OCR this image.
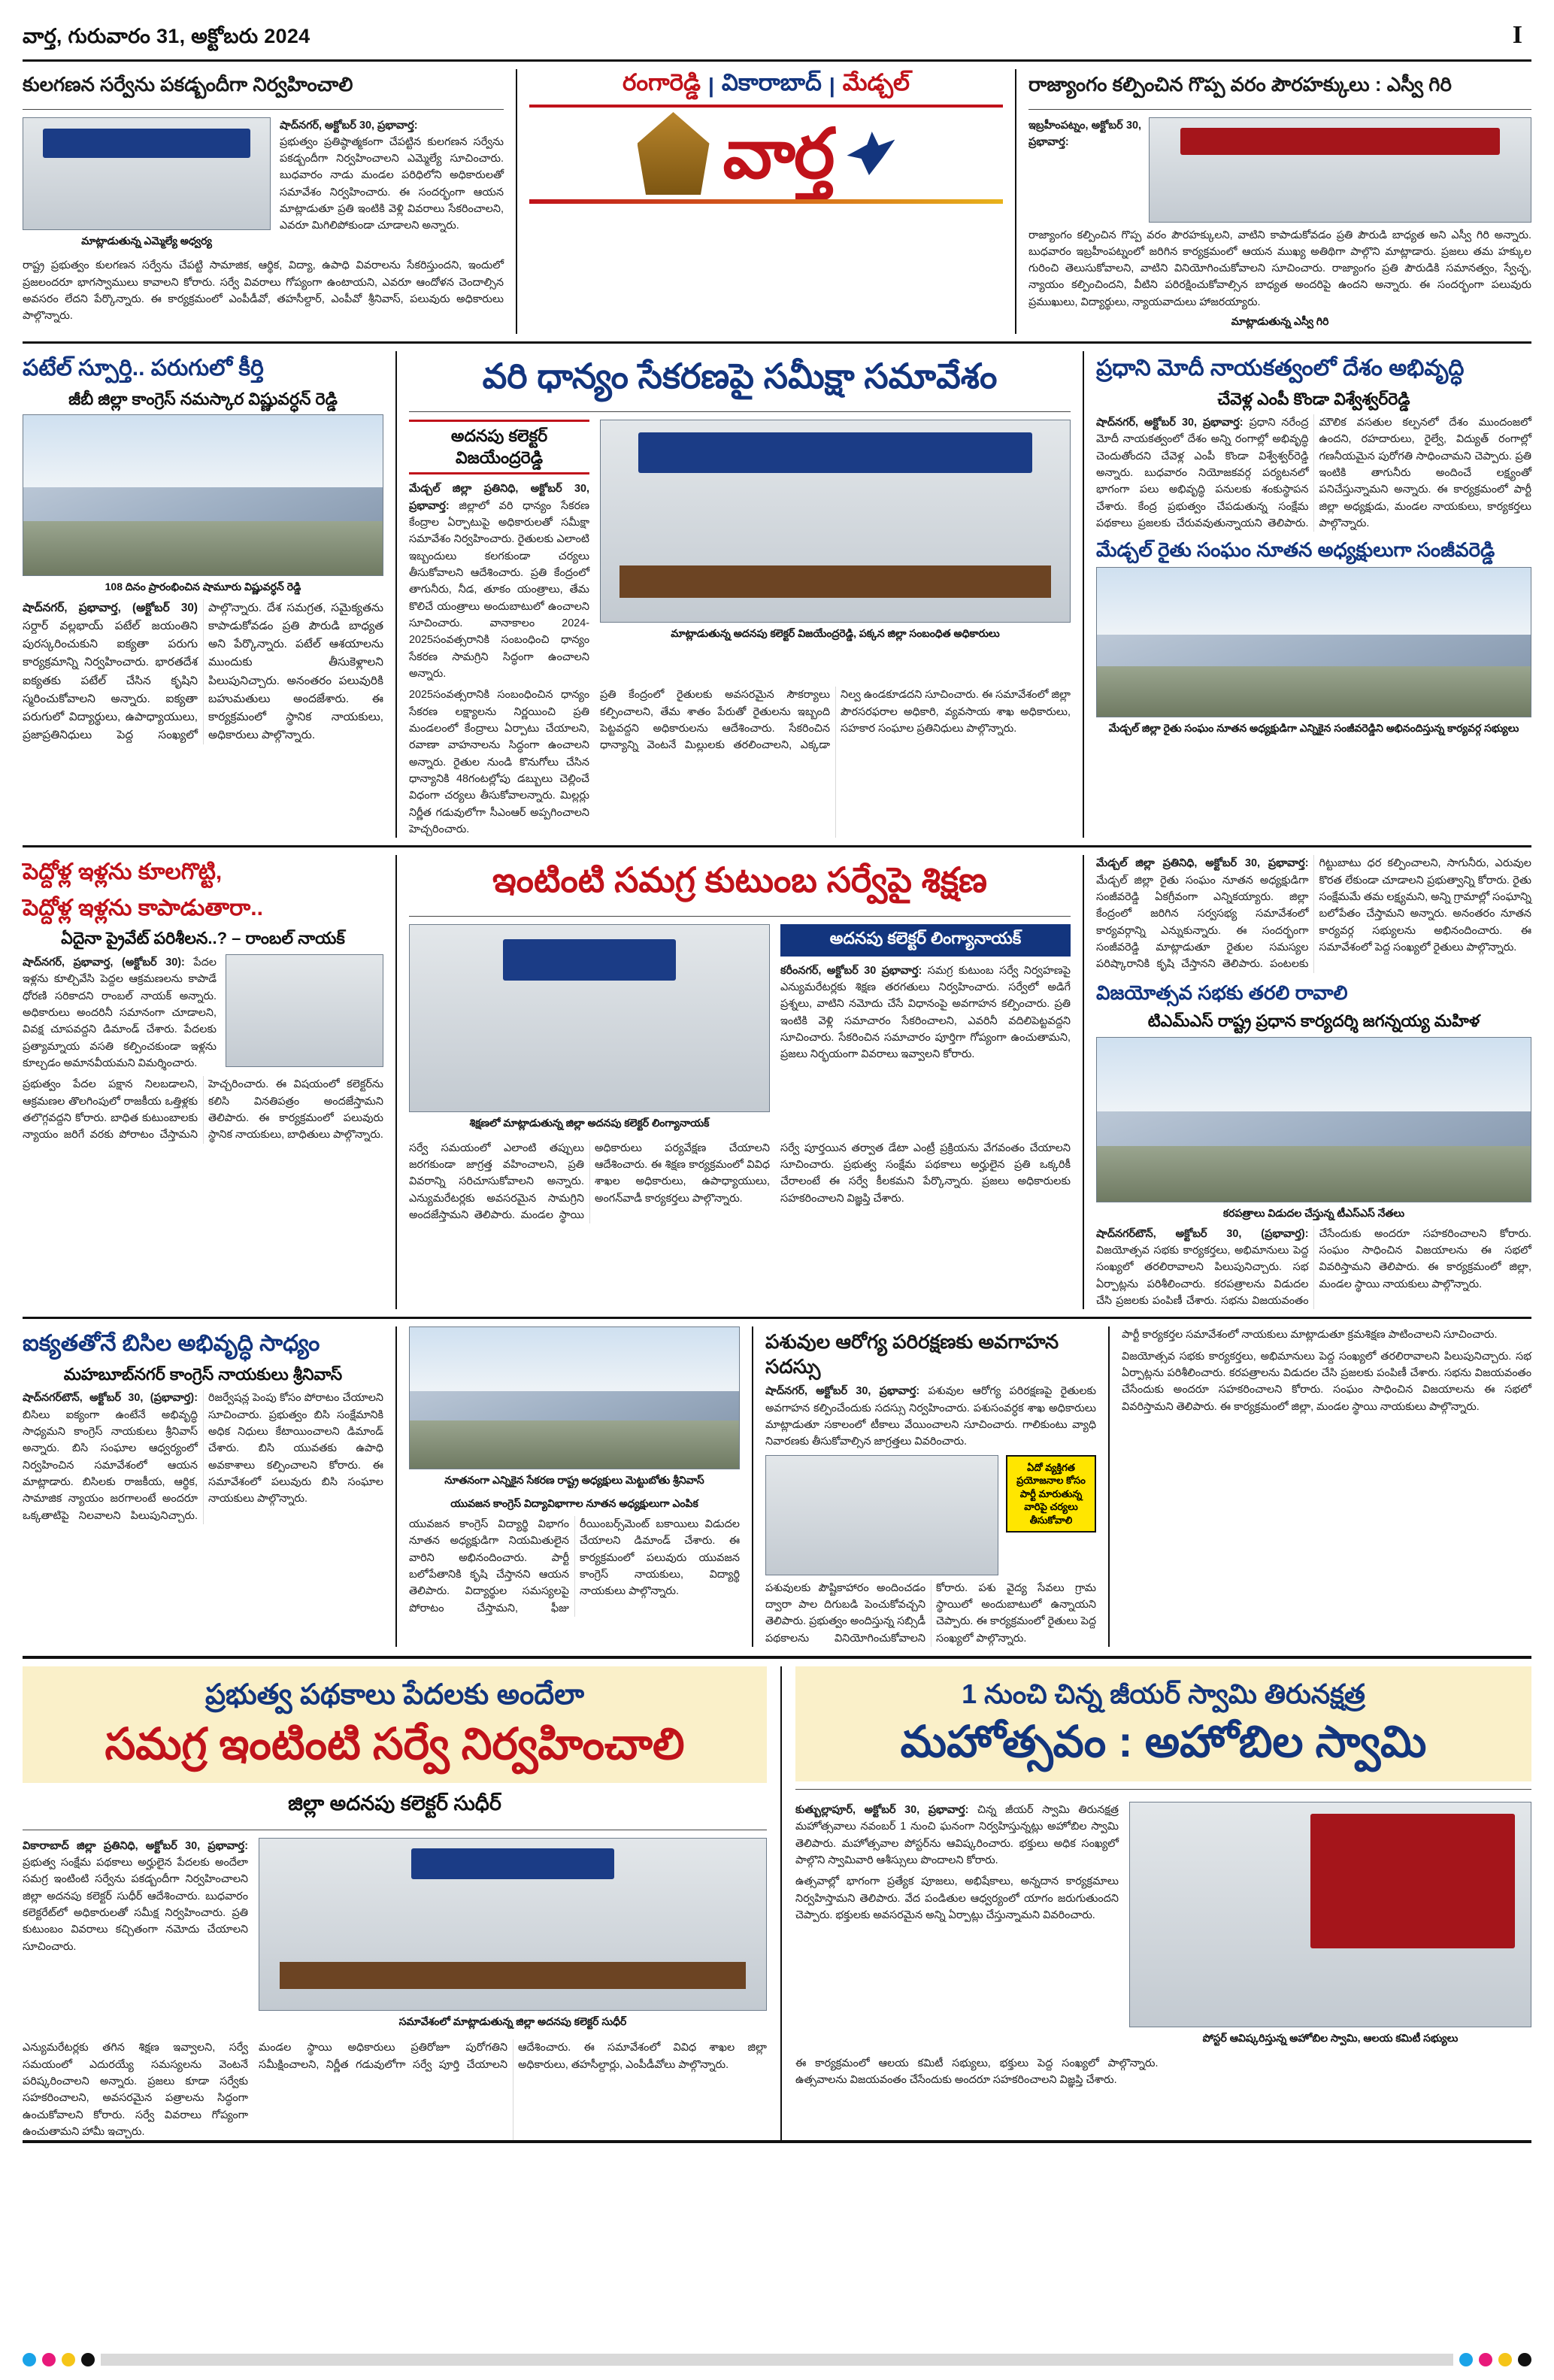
వార్త, గురువారం 31, అక్టోబరు 2024	I
కులగణన సర్వేను పకడ్బందీగా నిర్వహించాలి
మాట్లాడుతున్న ఎమ్మెల్యే అధ్వర్య
షాద్‌నగర్, అక్టోబర్ 30, ప్రభావార్త:
ప్రభుత్వం ప్రతిష్ఠాత్మకంగా చేపట్టిన కులగణన సర్వేను పకడ్బందీగా నిర్వహించాలని ఎమ్మెల్యే సూచించారు. బుధవారం నాడు మండల పరిధిలోని అధికారులతో సమావేశం నిర్వహించారు. ఈ సందర్భంగా ఆయన మాట్లాడుతూ ప్రతి ఇంటికి వెళ్లి వివరాలు సేకరించాలని, ఎవరూ మిగిలిపోకుండా చూడాలని అన్నారు.
రాష్ట్ర ప్రభుత్వం కులగణన సర్వేను చేపట్టి సామాజిక, ఆర్థిక, విద్యా, ఉపాధి వివరాలను సేకరిస్తుందని, ఇందులో ప్రజలందరూ భాగస్వాములు కావాలని కోరారు. సర్వే వివరాలు గోప్యంగా ఉంటాయని, ఎవరూ ఆందోళన చెందాల్సిన అవసరం లేదని పేర్కొన్నారు. ఈ కార్యక్రమంలో ఎంపీడీవో, తహసీల్దార్, ఎంపీవో శ్రీనివాస్, పలువురు అధికారులు పాల్గొన్నారు.
రంగారెడ్డి | వికారాబాద్ | మేడ్చల్
వార్త
రాజ్యాంగం కల్పించిన గొప్ప వరం పౌరహక్కులు : ఎస్వీ గిరి
ఇబ్రహీంపట్నం, అక్టోబర్ 30, ప్రభావార్త:
రాజ్యాంగం కల్పించిన గొప్ప వరం పౌరహక్కులని, వాటిని కాపాడుకోవడం ప్రతి పౌరుడి బాధ్యత అని ఎస్వీ గిరి అన్నారు. బుధవారం ఇబ్రహీంపట్నంలో జరిగిన కార్యక్రమంలో ఆయన ముఖ్య అతిథిగా పాల్గొని మాట్లాడారు. ప్రజలు తమ హక్కుల గురించి తెలుసుకోవాలని, వాటిని వినియోగించుకోవాలని సూచించారు. రాజ్యాంగం ప్రతి పౌరుడికి సమానత్వం, స్వేచ్ఛ, న్యాయం కల్పించిందని, వీటిని పరిరక్షించుకోవాల్సిన బాధ్యత అందరిపై ఉందని అన్నారు. ఈ సందర్భంగా పలువురు ప్రముఖులు, విద్యార్థులు, న్యాయవాదులు హాజరయ్యారు.
మాట్లాడుతున్న ఎస్వీ గిరి
పటేల్ స్పూర్తి.. పరుగులో కీర్తి
జీబీ జిల్లా కాంగ్రెస్ నమస్కార విష్ణువర్ధన్ రెడ్డి
108 దినం ప్రారంభించిన షామూరు విష్ణువర్ధన్ రెడ్డి
షాద్‌నగర్, ప్రభావార్త, (అక్టోబర్ 30) సర్దార్ వల్లభాయ్ పటేల్ జయంతిని పురస్కరించుకుని ఐక్యతా పరుగు కార్యక్రమాన్ని నిర్వహించారు. భారతదేశ ఐక్యతకు పటేల్ చేసిన కృషిని స్మరించుకోవాలని అన్నారు. ఐక్యతా పరుగులో విద్యార్థులు, ఉపాధ్యాయులు, ప్రజాప్రతినిధులు పెద్ద సంఖ్యలో పాల్గొన్నారు. దేశ సమగ్రత, సమైక్యతను కాపాడుకోవడం ప్రతి పౌరుడి బాధ్యత అని పేర్కొన్నారు. పటేల్ ఆశయాలను ముందుకు తీసుకెళ్లాలని పిలుపునిచ్చారు. అనంతరం పలువురికి బహుమతులు అందజేశారు. ఈ కార్యక్రమంలో స్థానిక నాయకులు, అధికారులు పాల్గొన్నారు.
వరి ధాన్యం సేకరణపై సమీక్షా సమావేశం
అదనపు కలెక్టర్ విజయేంద్రరెడ్డి
మేడ్చల్ జిల్లా ప్రతినిధి, అక్టోబర్ 30, ప్రభావార్త: జిల్లాలో వరి ధాన్యం సేకరణ కేంద్రాల ఏర్పాటుపై అధికారులతో సమీక్షా సమావేశం నిర్వహించారు. రైతులకు ఎలాంటి ఇబ్బందులు కలగకుండా చర్యలు తీసుకోవాలని ఆదేశించారు. ప్రతి కేంద్రంలో తాగునీరు, నీడ, తూకం యంత్రాలు, తేమ కొలిచే యంత్రాలు అందుబాటులో ఉంచాలని సూచించారు. వానాకాలం 2024-2025సంవత్సరానికి సంబంధించి ధాన్యం సేకరణ సామగ్రిని సిద్ధంగా ఉంచాలని అన్నారు.
మాట్లాడుతున్న అదనపు కలెక్టర్ విజయేంద్రరెడ్డి, పక్కన జిల్లా సంబంధిత అధికారులు
2025సంవత్సరానికి సంబంధించిన ధాన్యం సేకరణ లక్ష్యాలను నిర్ణయించి ప్రతి మండలంలో కేంద్రాలు ఏర్పాటు చేయాలని, రవాణా వాహనాలను సిద్ధంగా ఉంచాలని అన్నారు. రైతుల నుండి కొనుగోలు చేసిన ధాన్యానికి 48గంటల్లోపు డబ్బులు చెల్లించే విధంగా చర్యలు తీసుకోవాలన్నారు. మిల్లర్లు నిర్ణీత గడువులోగా సీఎంఆర్ అప్పగించాలని హెచ్చరించారు.
ప్రతి కేంద్రంలో రైతులకు అవసరమైన సౌకర్యాలు కల్పించాలని, తేమ శాతం పేరుతో రైతులను ఇబ్బంది పెట్టవద్దని అధికారులను ఆదేశించారు. సేకరించిన ధాన్యాన్ని వెంటనే మిల్లులకు తరలించాలని, ఎక్కడా నిల్వ ఉండకూడదని సూచించారు. ఈ సమావేశంలో జిల్లా పౌరసరఫరాల అధికారి, వ్యవసాయ శాఖ అధికారులు, సహకార సంఘాల ప్రతినిధులు పాల్గొన్నారు.
ప్రధాని మోదీ నాయకత్వంలో దేశం అభివృద్ధి
చేవెళ్ల ఎంపీ కొండా విశ్వేశ్వర్‌రెడ్డి
షాద్‌నగర్, అక్టోబర్ 30, ప్రభావార్త: ప్రధాని నరేంద్ర మోదీ నాయకత్వంలో దేశం అన్ని రంగాల్లో అభివృద్ధి చెందుతోందని చేవెళ్ల ఎంపీ కొండా విశ్వేశ్వర్‌రెడ్డి అన్నారు. బుధవారం నియోజకవర్గ పర్యటనలో భాగంగా పలు అభివృద్ధి పనులకు శంకుస్థాపన చేశారు. కేంద్ర ప్రభుత్వం చేపడుతున్న సంక్షేమ పథకాలు ప్రజలకు చేరువవుతున్నాయని తెలిపారు. మౌలిక వసతుల కల్పనలో దేశం ముందంజలో ఉందని, రహదారులు, రైల్వే, విద్యుత్ రంగాల్లో గణనీయమైన పురోగతి సాధించామని చెప్పారు. ప్రతి ఇంటికి తాగునీరు అందించే లక్ష్యంతో పనిచేస్తున్నామని అన్నారు. ఈ కార్యక్రమంలో పార్టీ జిల్లా అధ్యక్షుడు, మండల నాయకులు, కార్యకర్తలు పాల్గొన్నారు.
మేడ్చల్ రైతు సంఘం నూతన అధ్యక్షులుగా సంజీవరెడ్డి
మేడ్చల్ జిల్లా రైతు సంఘం నూతన అధ్యక్షుడిగా ఎన్నికైన సంజీవరెడ్డిని అభినందిస్తున్న కార్యవర్గ సభ్యులు
పెద్దోళ్ల ఇళ్లను కూలగొట్టి,
పెద్దోళ్ల ఇళ్లను కాపాడుతారా..
ఏదైనా ప్రైవేట్ పరిశీలన..? – రాంబల్ నాయక్
షాద్‌నగర్, ప్రభావార్త, (అక్టోబర్ 30): పేదల ఇళ్లను కూల్చివేసి పెద్దల ఆక్రమణలను కాపాడే ధోరణి సరికాదని రాంబల్ నాయక్ అన్నారు. అధికారులు అందరినీ సమానంగా చూడాలని, వివక్ష చూపవద్దని డిమాండ్ చేశారు. పేదలకు ప్రత్యామ్నాయ వసతి కల్పించకుండా ఇళ్లను కూల్చడం అమానవీయమని విమర్శించారు.
ప్రభుత్వం పేదల పక్షాన నిలబడాలని, ఆక్రమణల తొలగింపులో రాజకీయ ఒత్తిళ్లకు తలొగ్గవద్దని కోరారు. బాధిత కుటుంబాలకు న్యాయం జరిగే వరకు పోరాటం చేస్తామని హెచ్చరించారు. ఈ విషయంలో కలెక్టర్‌ను కలిసి వినతిపత్రం అందజేస్తామని తెలిపారు. ఈ కార్యక్రమంలో పలువురు స్థానిక నాయకులు, బాధితులు పాల్గొన్నారు.
ఇంటింటి సమగ్ర కుటుంబ సర్వేపై శిక్షణ
శిక్షణలో మాట్లాడుతున్న జిల్లా అదనపు కలెక్టర్ లింగ్యానాయక్
అదనపు కలెక్టర్ లింగ్యానాయక్
కరీంనగర్, అక్టోబర్ 30 ప్రభావార్త: సమగ్ర కుటుంబ సర్వే నిర్వహణపై ఎన్యుమరేటర్లకు శిక్షణ తరగతులు నిర్వహించారు. సర్వేలో అడిగే ప్రశ్నలు, వాటిని నమోదు చేసే విధానంపై అవగాహన కల్పించారు. ప్రతి ఇంటికి వెళ్లి సమాచారం సేకరించాలని, ఎవరినీ వదిలిపెట్టవద్దని సూచించారు. సేకరించిన సమాచారం పూర్తిగా గోప్యంగా ఉంచుతామని, ప్రజలు నిర్భయంగా వివరాలు ఇవ్వాలని కోరారు.
సర్వే సమయంలో ఎలాంటి తప్పులు జరగకుండా జాగ్రత్త వహించాలని, ప్రతి వివరాన్ని సరిచూసుకోవాలని అన్నారు. ఎన్యుమరేటర్లకు అవసరమైన సామగ్రిని అందజేస్తామని తెలిపారు. మండల స్థాయి అధికారులు పర్యవేక్షణ చేయాలని ఆదేశించారు. ఈ శిక్షణ కార్యక్రమంలో వివిధ శాఖల అధికారులు, ఉపాధ్యాయులు, అంగన్‌వాడీ కార్యకర్తలు పాల్గొన్నారు.
సర్వే పూర్తయిన తర్వాత డేటా ఎంట్రీ ప్రక్రియను వేగవంతం చేయాలని సూచించారు. ప్రభుత్వ సంక్షేమ పథకాలు అర్హులైన ప్రతి ఒక్కరికీ చేరాలంటే ఈ సర్వే కీలకమని పేర్కొన్నారు. ప్రజలు అధికారులకు సహకరించాలని విజ్ఞప్తి చేశారు.
మేడ్చల్ జిల్లా ప్రతినిధి, అక్టోబర్ 30, ప్రభావార్త: మేడ్చల్ జిల్లా రైతు సంఘం నూతన అధ్యక్షుడిగా సంజీవరెడ్డి ఏకగ్రీవంగా ఎన్నికయ్యారు. జిల్లా కేంద్రంలో జరిగిన సర్వసభ్య సమావేశంలో కార్యవర్గాన్ని ఎన్నుకున్నారు. ఈ సందర్భంగా సంజీవరెడ్డి మాట్లాడుతూ రైతుల సమస్యల పరిష్కారానికి కృషి చేస్తానని తెలిపారు. పంటలకు గిట్టుబాటు ధర కల్పించాలని, సాగునీరు, ఎరువుల కొరత లేకుండా చూడాలని ప్రభుత్వాన్ని కోరారు. రైతు సంక్షేమమే తమ లక్ష్యమని, అన్ని గ్రామాల్లో సంఘాన్ని బలోపేతం చేస్తామని అన్నారు. అనంతరం నూతన కార్యవర్గ సభ్యులను అభినందించారు. ఈ సమావేశంలో పెద్ద సంఖ్యలో రైతులు పాల్గొన్నారు.
విజయోత్సవ సభకు తరలి రావాలి
టిఎమ్ఎస్ రాష్ట్ర ప్రధాన కార్యదర్శి జగన్నయ్య మహిళ
కరపత్రాలు విడుదల చేస్తున్న టీఎస్ఎస్ నేతలు
షాద్‌నగర్‌టౌన్, అక్టోబర్ 30, (ప్రభావార్త): విజయోత్సవ సభకు కార్యకర్తలు, అభిమానులు పెద్ద సంఖ్యలో తరలిరావాలని పిలుపునిచ్చారు. సభ ఏర్పాట్లను పరిశీలించారు. కరపత్రాలను విడుదల చేసి ప్రజలకు పంపిణీ చేశారు. సభను విజయవంతం చేసేందుకు అందరూ సహకరించాలని కోరారు. సంఘం సాధించిన విజయాలను ఈ సభలో వివరిస్తామని తెలిపారు. ఈ కార్యక్రమంలో జిల్లా, మండల స్థాయి నాయకులు పాల్గొన్నారు.
ఐక్యతతోనే బిసిల అభివృద్ధి సాధ్యం
మహబూబ్‌నగర్ కాంగ్రెస్ నాయకులు శ్రీనివాస్
షాద్‌నగర్‌టౌన్, అక్టోబర్ 30, (ప్రభావార్త): బిసిలు ఐక్యంగా ఉంటేనే అభివృద్ధి సాధ్యమని కాంగ్రెస్ నాయకులు శ్రీనివాస్ అన్నారు. బిసి సంఘాల ఆధ్వర్యంలో నిర్వహించిన సమావేశంలో ఆయన మాట్లాడారు. బిసిలకు రాజకీయ, ఆర్థిక, సామాజిక న్యాయం జరగాలంటే అందరూ ఒక్కతాటిపై నిలవాలని పిలుపునిచ్చారు. రిజర్వేషన్ల పెంపు కోసం పోరాటం చేయాలని సూచించారు. ప్రభుత్వం బిసి సంక్షేమానికి అధిక నిధులు కేటాయించాలని డిమాండ్ చేశారు. బిసి యువతకు ఉపాధి అవకాశాలు కల్పించాలని కోరారు. ఈ సమావేశంలో పలువురు బిసి సంఘాల నాయకులు పాల్గొన్నారు.
నూతనంగా ఎన్నికైన సేకరణ రాష్ట్ర అధ్యక్షులు మెట్టుబోతు శ్రీనివాస్
యువజన కాంగ్రెస్ విద్యావిభాగాల నూతన అధ్యక్షులుగా ఎంపిక
యువజన కాంగ్రెస్ విద్యార్థి విభాగం నూతన అధ్యక్షుడిగా నియమితులైన వారిని అభినందించారు. పార్టీ బలోపేతానికి కృషి చేస్తానని ఆయన తెలిపారు. విద్యార్థుల సమస్యలపై పోరాటం చేస్తామని, ఫీజు రీయింబర్స్‌మెంట్ బకాయిలు విడుదల చేయాలని డిమాండ్ చేశారు. ఈ కార్యక్రమంలో పలువురు యువజన కాంగ్రెస్ నాయకులు, విద్యార్థి నాయకులు పాల్గొన్నారు.
పశువుల ఆరోగ్య పరిరక్షణకు అవగాహన సదస్సు
షాద్‌నగర్, అక్టోబర్ 30, ప్రభావార్త: పశువుల ఆరోగ్య పరిరక్షణపై రైతులకు అవగాహన కల్పించేందుకు సదస్సు నిర్వహించారు. పశుసంవర్ధక శాఖ అధికారులు మాట్లాడుతూ సకాలంలో టీకాలు వేయించాలని సూచించారు. గాలికుంటు వ్యాధి నివారణకు తీసుకోవాల్సిన జాగ్రత్తలు వివరించారు.
ఏదో వ్యక్తిగత ప్రయోజనాల కోసం పార్టీ మారుతున్న వారిపై చర్యలు తీసుకోవాలి
పశువులకు పౌష్టికాహారం అందించడం ద్వారా పాల దిగుబడి పెంచుకోవచ్చని తెలిపారు. ప్రభుత్వం అందిస్తున్న సబ్సిడీ పథకాలను వినియోగించుకోవాలని కోరారు. పశు వైద్య సేవలు గ్రామ స్థాయిలో అందుబాటులో ఉన్నాయని చెప్పారు. ఈ కార్యక్రమంలో రైతులు పెద్ద సంఖ్యలో పాల్గొన్నారు.
పార్టీ కార్యకర్తల సమావేశంలో నాయకులు మాట్లాడుతూ క్రమశిక్షణ పాటించాలని సూచించారు.
విజయోత్సవ సభకు కార్యకర్తలు, అభిమానులు పెద్ద సంఖ్యలో తరలిరావాలని పిలుపునిచ్చారు. సభ ఏర్పాట్లను పరిశీలించారు. కరపత్రాలను విడుదల చేసి ప్రజలకు పంపిణీ చేశారు. సభను విజయవంతం చేసేందుకు అందరూ సహకరించాలని కోరారు. సంఘం సాధించిన విజయాలను ఈ సభలో వివరిస్తామని తెలిపారు. ఈ కార్యక్రమంలో జిల్లా, మండల స్థాయి నాయకులు పాల్గొన్నారు.
ప్రభుత్వ పథకాలు పేదలకు అందేలా
సమగ్ర ఇంటింటి సర్వే నిర్వహించాలి
జిల్లా అదనపు కలెక్టర్ సుధీర్
వికారాబాద్ జిల్లా ప్రతినిధి, అక్టోబర్ 30, ప్రభావార్త: ప్రభుత్వ సంక్షేమ పథకాలు అర్హులైన పేదలకు అందేలా సమగ్ర ఇంటింటి సర్వేను పకడ్బందీగా నిర్వహించాలని జిల్లా అదనపు కలెక్టర్ సుధీర్ ఆదేశించారు. బుధవారం కలెక్టరేట్‌లో అధికారులతో సమీక్ష నిర్వహించారు. ప్రతి కుటుంబం వివరాలు కచ్చితంగా నమోదు చేయాలని సూచించారు.
సమావేశంలో మాట్లాడుతున్న జిల్లా అదనపు కలెక్టర్ సుధీర్
ఎన్యుమరేటర్లకు తగిన శిక్షణ ఇవ్వాలని, సర్వే సమయంలో ఎదురయ్యే సమస్యలను వెంటనే పరిష్కరించాలని అన్నారు. ప్రజలు కూడా సర్వేకు సహకరించాలని, అవసరమైన పత్రాలను సిద్ధంగా ఉంచుకోవాలని కోరారు. సర్వే వివరాలు గోప్యంగా ఉంచుతామని హామీ ఇచ్చారు.
మండల స్థాయి అధికారులు ప్రతిరోజూ పురోగతిని సమీక్షించాలని, నిర్ణీత గడువులోగా సర్వే పూర్తి చేయాలని ఆదేశించారు. ఈ సమావేశంలో వివిధ శాఖల జిల్లా అధికారులు, తహసీల్దార్లు, ఎంపీడీవోలు పాల్గొన్నారు.
1 నుంచి చిన్న జీయర్ స్వామి తిరునక్షత్ర
మహోత్సవం : అహోబిల స్వామి
కుత్బుల్లాపూర్, అక్టోబర్ 30, ప్రభావార్త: చిన్న జీయర్ స్వామి తిరునక్షత్ర మహోత్సవాలు నవంబర్ 1 నుంచి ఘనంగా నిర్వహిస్తున్నట్లు అహోబిల స్వామి తెలిపారు. మహోత్సవాల పోస్టర్‌ను ఆవిష్కరించారు. భక్తులు అధిక సంఖ్యలో పాల్గొని స్వామివారి ఆశీస్సులు పొందాలని కోరారు.
ఉత్సవాల్లో భాగంగా ప్రత్యేక పూజలు, అభిషేకాలు, అన్నదాన కార్యక్రమాలు నిర్వహిస్తామని తెలిపారు. వేద పండితుల ఆధ్వర్యంలో యాగం జరుగుతుందని చెప్పారు. భక్తులకు అవసరమైన అన్ని ఏర్పాట్లు చేస్తున్నామని వివరించారు.
పోస్టర్ ఆవిష్కరిస్తున్న అహోబిల స్వామి, ఆలయ కమిటీ సభ్యులు
ఈ కార్యక్రమంలో ఆలయ కమిటీ సభ్యులు, భక్తులు పెద్ద సంఖ్యలో పాల్గొన్నారు. ఉత్సవాలను విజయవంతం చేసేందుకు అందరూ సహకరించాలని విజ్ఞప్తి చేశారు.
